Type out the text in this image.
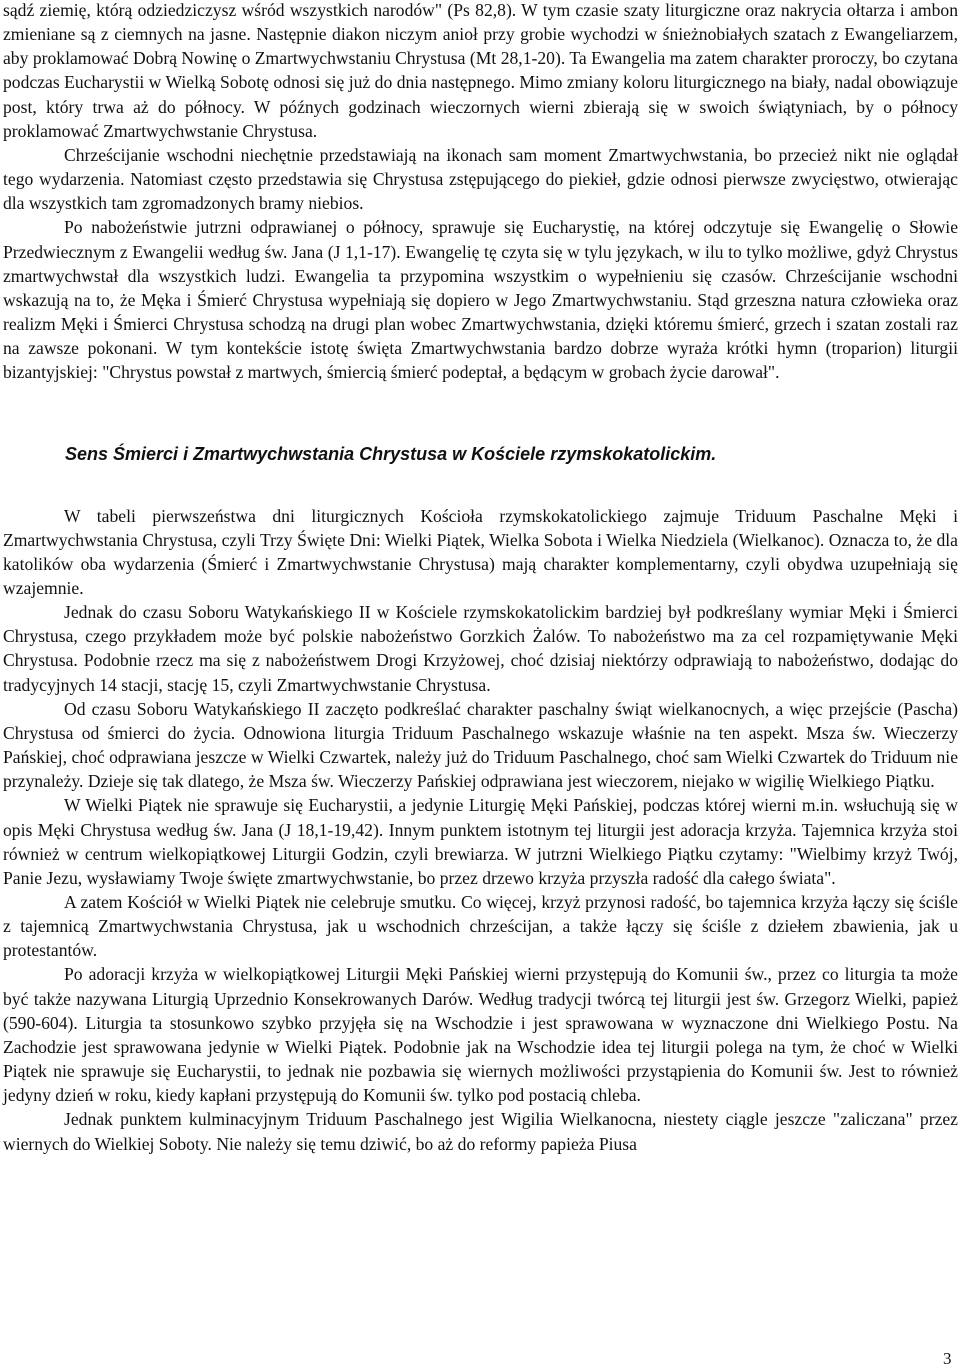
sądź ziemię, którą odziedziczysz wśród wszystkich narodów" (Ps 82,8). W tym czasie szaty liturgiczne oraz nakrycia ołtarza i ambon zmieniane są z ciemnych na jasne. Następnie diakon niczym anioł przy grobie wychodzi w śnieżnobiałych szatach z Ewangeliarzem, aby proklamować Dobrą Nowinę o Zmartwychwstaniu Chrystusa (Mt 28,1-20). Ta Ewangelia ma zatem charakter proroczy, bo czytana podczas Eucharystii w Wielką Sobotę odnosi się już do dnia następnego. Mimo zmiany koloru liturgicznego na biały, nadal obowiązuje post, który trwa aż do północy. W późnych godzinach wieczornych wierni zbierają się w swoich świątyniach, by o północy proklamować Zmartwychwstanie Chrystusa.

Chrześcijanie wschodni niechętnie przedstawiają na ikonach sam moment Zmartwychwstania, bo przecież nikt nie oglądał tego wydarzenia. Natomiast często przedstawia się Chrystusa zstępującego do piekieł, gdzie odnosi pierwsze zwycięstwo, otwierając dla wszystkich tam zgromadzonych bramy niebios.

Po nabożeństwie jutrzni odprawianej o północy, sprawuje się Eucharystię, na której odczytuje się Ewangelię o Słowie Przedwiecznym z Ewangelii według św. Jana (J 1,1-17). Ewangelię tę czyta się w tylu językach, w ilu to tylko możliwe, gdyż Chrystus zmartwychwstał dla wszystkich ludzi. Ewangelia ta przypomina wszystkim o wypełnieniu się czasów. Chrześcijanie wschodni wskazują na to, że Męka i Śmierć Chrystusa wypełniają się dopiero w Jego Zmartwychwstaniu. Stąd grzeszna natura człowieka oraz realizm Męki i Śmierci Chrystusa schodzą na drugi plan wobec Zmartwychwstania, dzięki któremu śmierć, grzech i szatan zostali raz na zawsze pokonani. W tym kontekście istotę święta Zmartwychwstania bardzo dobrze wyraża krótki hymn (troparion) liturgii bizantyjskiej: "Chrystus powstał z martwych, śmiercią śmierć podeptał, a będącym w grobach życie darował".

Sens Śmierci i Zmartwychwstania Chrystusa w Kościele rzymskokatolickim.

W tabeli pierwszeństwa dni liturgicznych Kościoła rzymskokatolickiego zajmuje Triduum Paschalne Męki i Zmartwychwstania Chrystusa, czyli Trzy Święte Dni: Wielki Piątek, Wielka Sobota i Wielka Niedziela (Wielkanoc). Oznacza to, że dla katolików oba wydarzenia (Śmierć i Zmartwychwstanie Chrystusa) mają charakter komplementarny, czyli obydwa uzupełniają się wzajemnie.

Jednak do czasu Soboru Watykańskiego II w Kościele rzymskokatolickim bardziej był podkreślany wymiar Męki i Śmierci Chrystusa, czego przykładem może być polskie nabożeństwo Gorzkich Żalów. To nabożeństwo ma za cel rozpamiętywanie Męki Chrystusa. Podobnie rzecz ma się z nabożeństwem Drogi Krzyżowej, choć dzisiaj niektórzy odprawiają to nabożeństwo, dodając do tradycyjnych 14 stacji, stację 15, czyli Zmartwychwstanie Chrystusa.

Od czasu Soboru Watykańskiego II zaczęto podkreślać charakter paschalny świąt wielkanocnych, a więc przejście (Pascha) Chrystusa od śmierci do życia. Odnowiona liturgia Triduum Paschalnego wskazuje właśnie na ten aspekt. Msza św. Wieczerzy Pańskiej, choć odprawiana jeszcze w Wielki Czwartek, należy już do Triduum Paschalnego, choć sam Wielki Czwartek do Triduum nie przynależy. Dzieje się tak dlatego, że Msza św. Wieczerzy Pańskiej odprawiana jest wieczorem, niejako w wigilię Wielkiego Piątku.

W Wielki Piątek nie sprawuje się Eucharystii, a jedynie Liturgię Męki Pańskiej, podczas której wierni m.in. wsłuchują się w opis Męki Chrystusa według św. Jana (J 18,1-19,42). Innym punktem istotnym tej liturgii jest adoracja krzyża. Tajemnica krzyża stoi również w centrum wielkopiątkowej Liturgii Godzin, czyli brewiarza. W jutrzni Wielkiego Piątku czytamy: "Wielbimy krzyż Twój, Panie Jezu, wysławiamy Twoje święte zmartwychwstanie, bo przez drzewo krzyża przyszła radość dla całego świata".

A zatem Kościół w Wielki Piątek nie celebruje smutku. Co więcej, krzyż przynosi radość, bo tajemnica krzyża łączy się ściśle z tajemnicą Zmartwychwstania Chrystusa, jak u wschodnich chrześcijan, a także łączy się ściśle z dziełem zbawienia, jak u protestantów.

Po adoracji krzyża w wielkopiątkowej Liturgii Męki Pańskiej wierni przystępują do Komunii św., przez co liturgia ta może być także nazywana Liturgią Uprzednio Konsekrowanych Darów. Według tradycji twórcą tej liturgii jest św. Grzegorz Wielki, papież (590-604). Liturgia ta stosunkowo szybko przyjęła się na Wschodzie i jest sprawowana w wyznaczone dni Wielkiego Postu. Na Zachodzie jest sprawowana jedynie w Wielki Piątek. Podobnie jak na Wschodzie idea tej liturgii polega na tym, że choć w Wielki Piątek nie sprawuje się Eucharystii, to jednak nie pozbawia się wiernych możliwości przystąpienia do Komunii św. Jest to również jedyny dzień w roku, kiedy kapłani przystępują do Komunii św. tylko pod postacią chleba.

Jednak punktem kulminacyjnym Triduum Paschalnego jest Wigilia Wielkanocna, niestety ciągle jeszcze "zaliczana" przez wiernych do Wielkiej Soboty. Nie należy się temu dziwić, bo aż do reformy papieża Piusa

3
